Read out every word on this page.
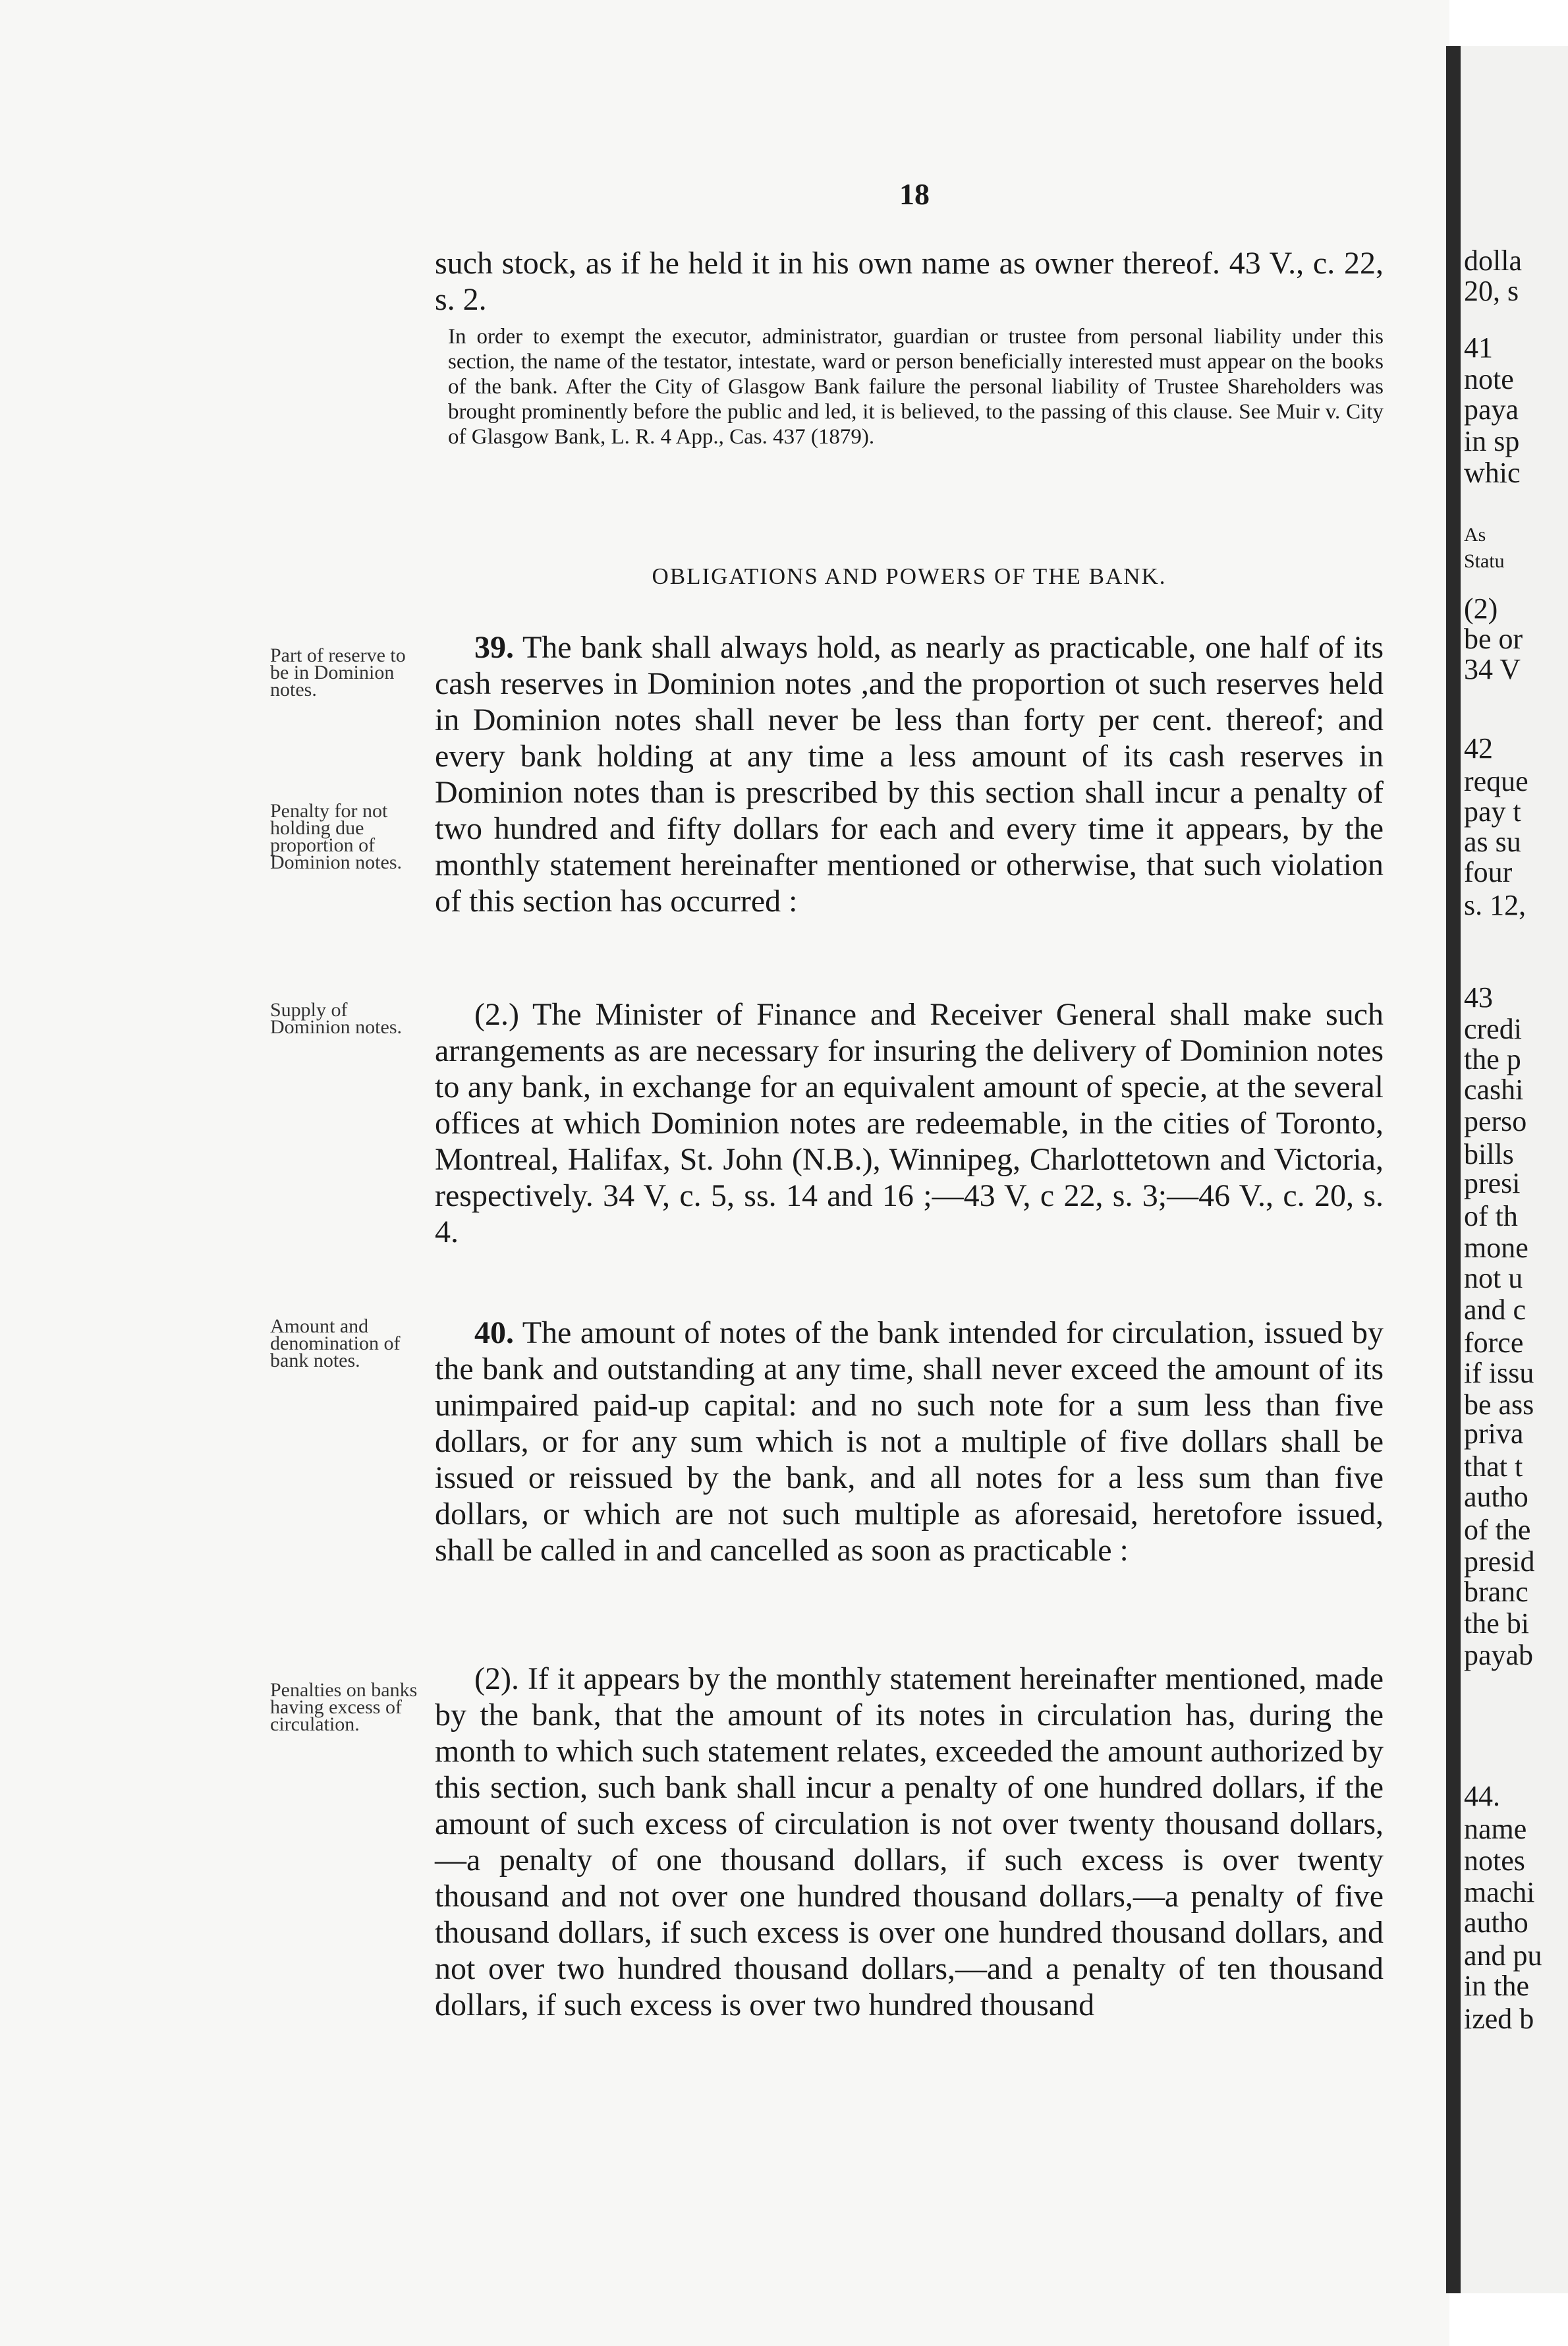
18

such stock, as if he held it in his own name as owner thereof. 43 V., c. 22, s. 2.

In order to exempt the executor, administrator, guardian or trustee from personal liability under this section, the name of the testator, intestate, ward or person beneficially interested must appear on the books of the bank. After the City of Glasgow Bank failure the personal liability of Trustee Shareholders was brought prominently before the public and led, it is believed, to the passing of this clause. See Muir v. City of Glasgow Bank, L. R. 4 App., Cas. 437 (1879).
OBLIGATIONS AND POWERS OF THE BANK.

39. The bank shall always hold, as nearly as practicable, one half of its cash reserves in Dominion notes ,and the proportion ot such reserves held in Dominion notes shall never be less than forty per cent. thereof; and every bank holding at any time a less amount of its cash reserves in Dominion notes than is prescribed by this section shall incur a penalty of two hundred and fifty dollars for each and every time it appears, by the monthly statement hereinafter mentioned or otherwise, that such violation of this section has occurred :

(2.) The Minister of Finance and Receiver General shall make such arrangements as are necessary for insuring the delivery of Dominion notes to any bank, in exchange for an equivalent amount of specie, at the several offices at which Dominion notes are redeemable, in the cities of Toronto, Montreal, Halifax, St. John (N.B.), Winnipeg, Charlottetown and Victoria, respectively. 34 V, c. 5, ss. 14 and 16 ;—43 V, c 22, s. 3;—46 V., c. 20, s. 4.

40. The amount of notes of the bank intended for circulation, issued by the bank and outstanding at any time, shall never exceed the amount of its unimpaired paid-up capital: and no such note for a sum less than five dollars, or for any sum which is not a multiple of five dollars shall be issued or reissued by the bank, and all notes for a less sum than five dollars, or which are not such multiple as aforesaid, heretofore issued, shall be called in and cancelled as soon as practicable :

(2). If it appears by the monthly statement hereinafter mentioned, made by the bank, that the amount of its notes in circulation has, during the month to which such statement relates, exceeded the amount authorized by this section, such bank shall incur a penalty of one hundred dollars, if the amount of such excess of circulation is not over twenty thousand dollars,—a penalty of one thousand dollars, if such excess is over twenty thousand and not over one hundred thousand dollars,—a penalty of five thousand dollars, if such excess is over one hundred thousand dollars, and not over two hundred thousand dollars,—and a penalty of ten thousand dollars, if such excess is over two hundred thousand

Part of reserve to be in Dominion notes.
Penalty for not holding due proportion of Dominion notes.
Supply of Dominion notes.
Amount and denomination of bank notes.
Penalties on banks having excess of circulation.
dolla
20, s
41
note
paya
in sp
whic
As
Statu
(2)
be or
34 V
42
reque
pay t
as su
four
s. 12,
43
credi
the p
cashi
perso
bills
presi
of th
mone
not u
and c
force
if issu
be ass
priva
that t
autho
of the
presid
branc
the bi
payab
44.
name
notes
machi
autho
and pu
in the
ized b
